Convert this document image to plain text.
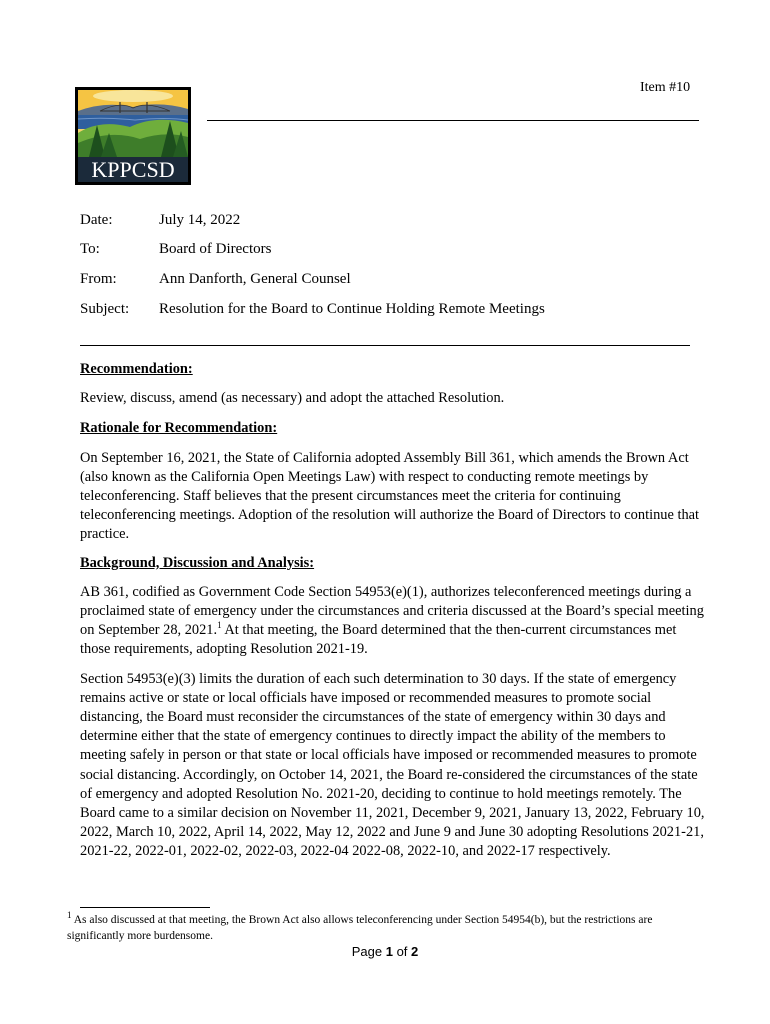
Item #10
KPPCSD
Date:	July 14, 2022
To:	Board of Directors
From:	Ann Danforth, General Counsel
Subject: Resolution for the Board to Continue Holding Remote Meetings

Recommendation:

Review, discuss, amend (as necessary) and adopt the attached Resolution.

Rationale for Recommendation:

On September 16, 2021, the State of California adopted Assembly Bill 361, which amends the Brown Act (also known as the California Open Meetings Law) with respect to conducting remote meetings by teleconferencing. Staff believes that the present circumstances meet the criteria for continuing teleconferencing meetings. Adoption of the resolution will authorize the Board of Directors to continue that practice.

Background, Discussion and Analysis:

AB 361, codified as Government Code Section 54953(e)(1), authorizes teleconferenced meetings during a proclaimed state of emergency under the circumstances and criteria discussed at the Board’s special meeting on September 28, 2021.$^1$ At that meeting, the Board determined that the then-current circumstances met those requirements, adopting Resolution 2021-19.

Section 54953(e)(3) limits the duration of each such determination to 30 days. If the state of emergency remains active or state or local officials have imposed or recommended measures to promote social distancing, the Board must reconsider the circumstances of the state of emergency within 30 days and determine either that the state of emergency continues to directly impact the ability of the members to meeting safely in person or that state or local officials have imposed or recommended measures to promote social distancing. Accordingly, on October 14, 2021, the Board re-considered the circumstances of the state of emergency and adopted Resolution No. 2021-20, deciding to continue to hold meetings remotely. The Board came to a similar decision on November 11, 2021, December 9, 2021, January 13, 2022, February 10, 2022, March 10, 2022, April 14, 2022, May 12, 2022 and June 9 and June 30 adopting Resolutions 2021-21, 2021-22, 2022-01, 2022-02, 2022-03, 2022-04 2022-08, 2022-10, and 2022-17 respectively.

$^1$ As also discussed at that meeting, the Brown Act also allows teleconferencing under Section 54954(b), but the restrictions are significantly more burdensome.
Page 1 of 2
